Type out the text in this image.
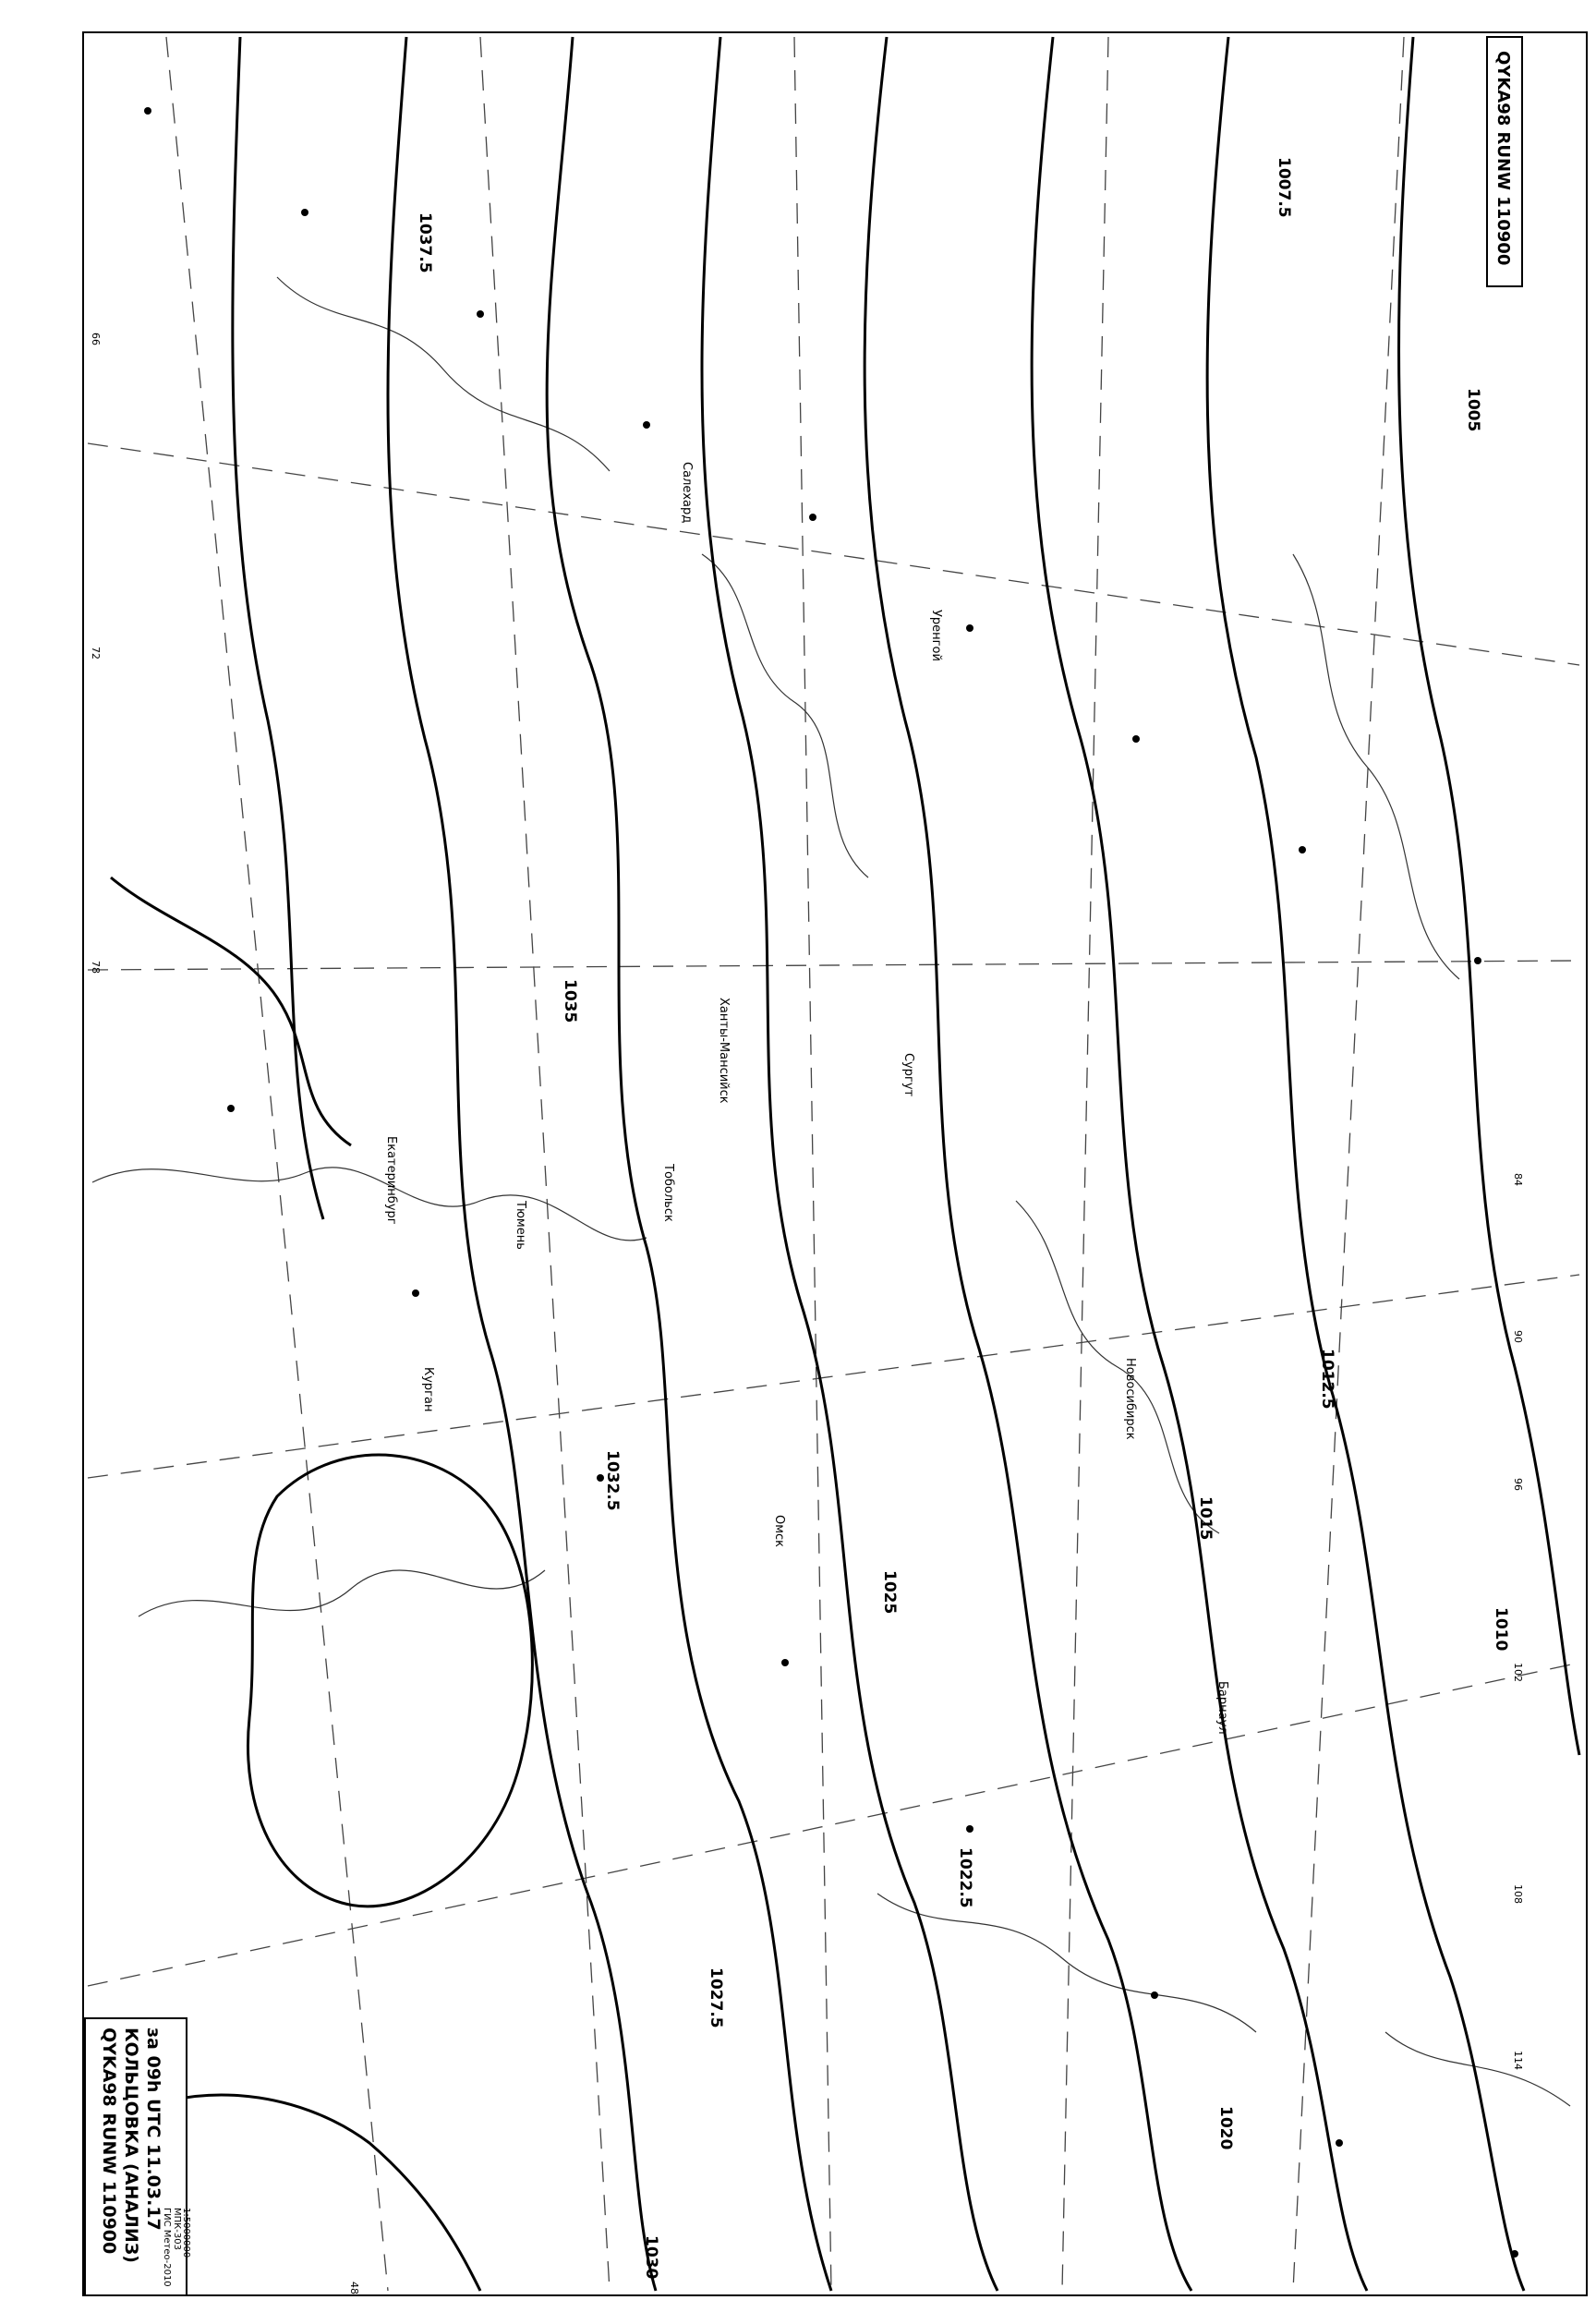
1037.5
1035
1032.5
1030
1027.5
1025
1022.5
1020
1015
1012.5
1010
1007.5
1005
Салехард
Уренгой
Ханты-Мансийск	Сургут
Тобольск
Новосибирск
Барнаул
Омск
Екатеринбург
Тюмень
Курган
66
72
78
84
90
96
102
108
114
48
QYKA98 RUNW 110900
QYKA98 RUNW 110900 КОЛЬЦОВКА (АНАЛИЗ) за 09h UTC 11.03.17
ГИС Метео-2010 МПК-303 1:5000000
